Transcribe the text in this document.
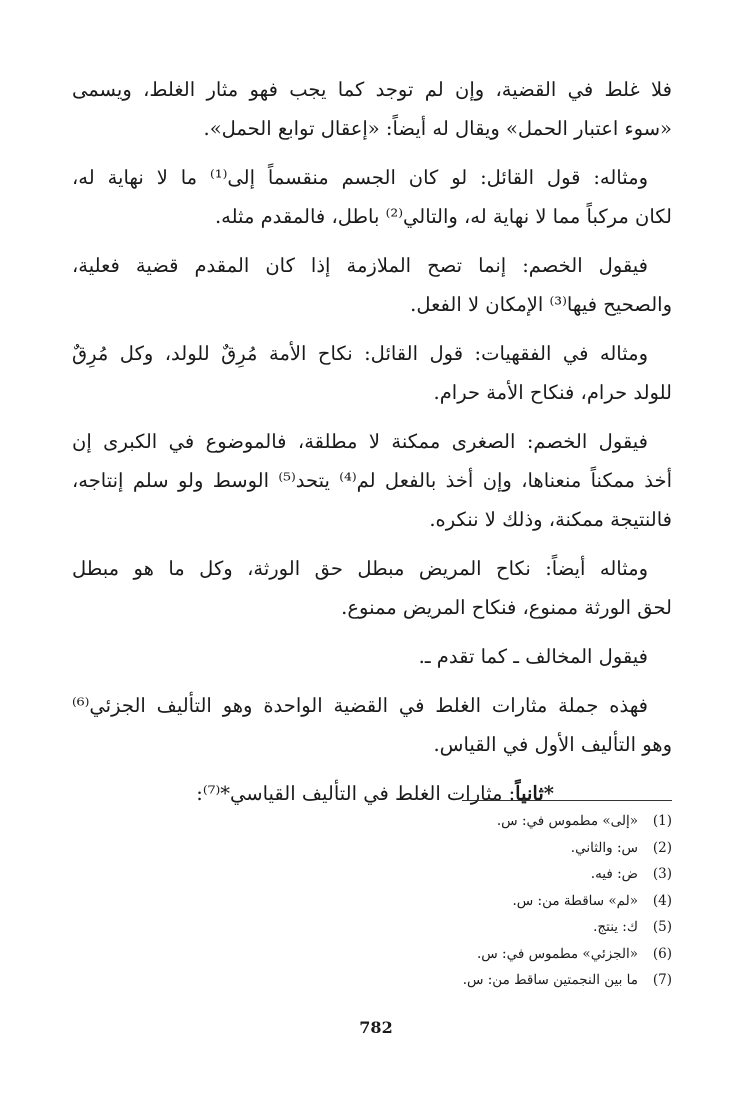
فلا غلط في القضية، وإن لم توجد كما يجب فهو مثار الغلط، ويسمى
«سوء اعتبار الحمل» ويقال له أيضاً: «إعقال توابع الحمل».
ومثاله: قول القائل: لو كان الجسم منقسماً إلى⁽¹⁾ ما لا نهاية له،
لكان مركباً مما لا نهاية له، والتالي⁽²⁾ باطل، فالمقدم مثله.
فيقول الخصم: إنما تصح الملازمة إذا كان المقدم قضية فعلية،
والصحيح فيها⁽³⁾ الإمكان لا الفعل.
ومثاله في الفقهيات: قول القائل: نكاح الأمة مُرِقٌ للولد، وكل مُرِقٌ
للولد حرام، فنكاح الأمة حرام.
فيقول الخصم: الصغرى ممكنة لا مطلقة، فالموضوع في الكبرى إن
أخذ ممكناً منعناها، وإن أخذ بالفعل لم⁽⁴⁾ يتحد⁽⁵⁾ الوسط ولو سلم إنتاجه،
فالنتيجة ممكنة، وذلك لا ننكره.
ومثاله أيضاً: نكاح المريض مبطل حق الورثة، وكل ما هو مبطل
لحق الورثة ممنوع، فنكاح المريض ممنوع.
فيقول المخالف ـ كما تقدم ـ.
فهذه جملة مثارات الغلط في القضية الواحدة وهو التأليف الجزئي⁽⁶⁾
وهو التأليف الأول في القياس.
*ثانياً: مثارات الغلط في التأليف القياسي*⁽⁷⁾:
(1)«إلى» مطموس في: س.
(2)س: والثاني.
(3)ض: فيه.
(4)«لم» ساقطة من: س.
(5)ك: ينتج.
(6)«الجزئي» مطموس في: س.
(7)ما بين النجمتين ساقط من: س.
782
